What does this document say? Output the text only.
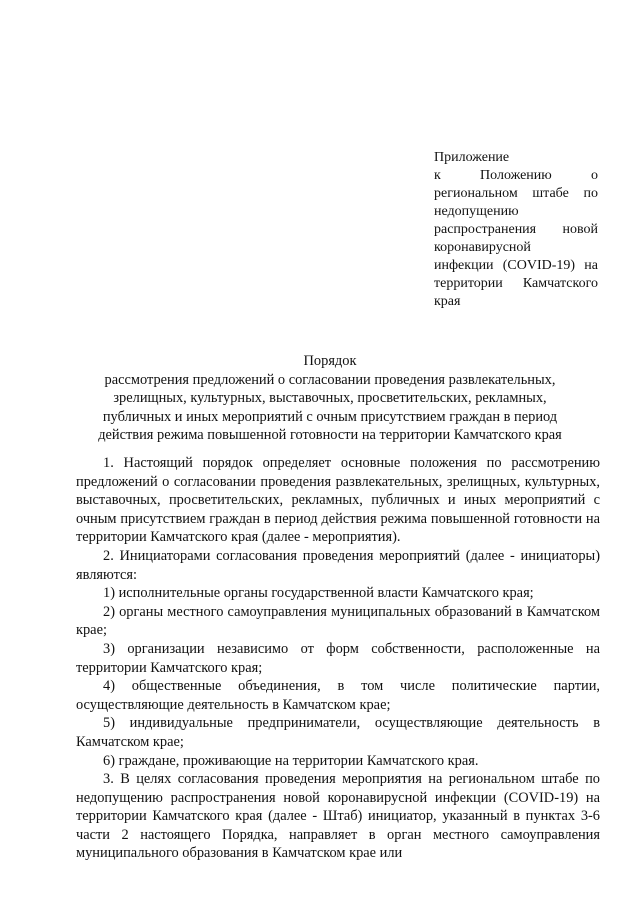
Приложение
к Положению о
региональном штабе по
недопущению
распространения новой
коронавирусной
инфекции (COVID-19) на
территории Камчатского
края
Порядок
рассмотрения предложений о согласовании проведения развлекательных,
зрелищных, культурных, выставочных, просветительских, рекламных,
публичных и иных мероприятий с очным присутствием граждан в период
действия режима повышенной готовности на территории Камчатского края

1. Настоящий порядок определяет основные положения по рассмотрению предложений о согласовании проведения развлекательных, зрелищных, культурных, выставочных, просветительских, рекламных, публичных и иных мероприятий с очным присутствием граждан в период действия режима повышенной готовности на территории Камчатского края (далее - мероприятия).

2. Инициаторами согласования проведения мероприятий (далее - инициаторы) являются:

1) исполнительные органы государственной власти Камчатского края;

2) органы местного самоуправления муниципальных образований в Камчатском крае;

3) организации независимо от форм собственности, расположенные на территории Камчатского края;

4) общественные объединения, в том числе политические партии, осуществляющие деятельность в Камчатском крае;

5) индивидуальные предприниматели, осуществляющие деятельность в Камчатском крае;

6) граждане, проживающие на территории Камчатского края.

3. В целях согласования проведения мероприятия на региональном штабе по недопущению распространения новой коронавирусной инфекции (COVID-19) на территории Камчатского края (далее - Штаб) инициатор, указанный в пунктах 3-6 части 2 настоящего Порядка, направляет в орган местного самоуправления муниципального образования в Камчатском крае или
